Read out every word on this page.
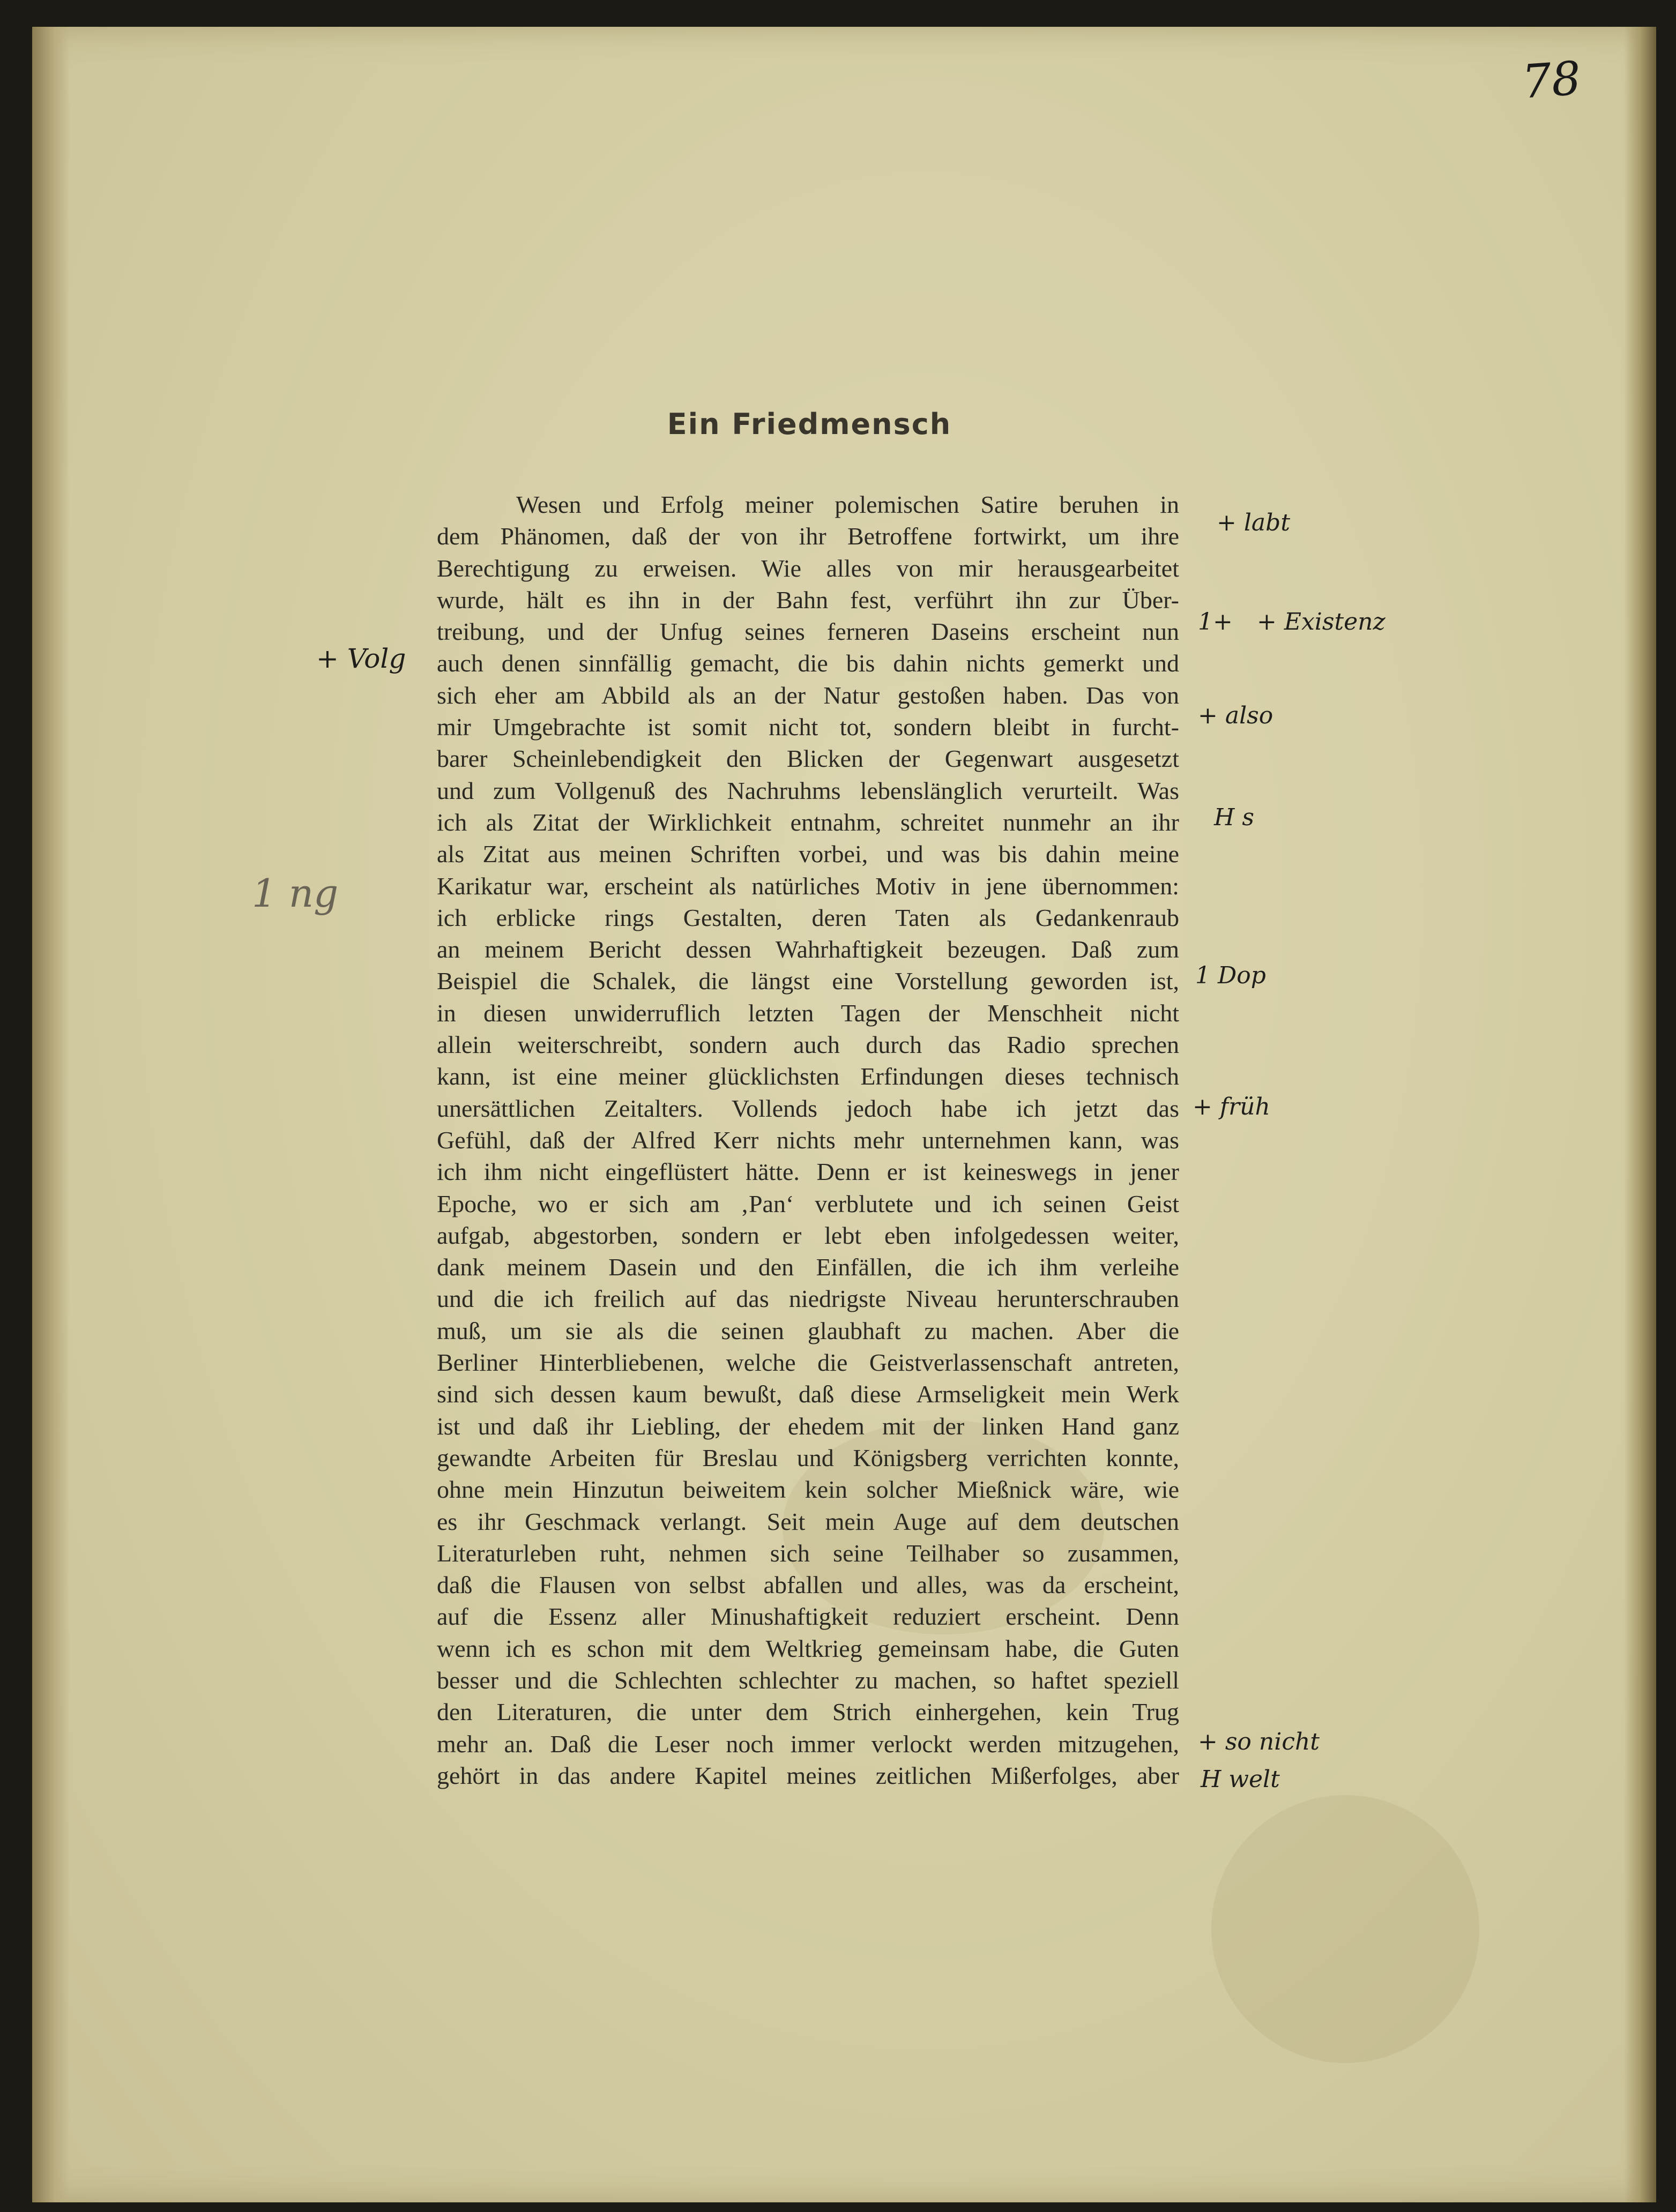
78
Ein Friedmensch
Wesen und Erfolg meiner polemischen Satire beruhen in
dem Phänomen, daß der von ihr Betroffene fortwirkt, um ihre
Berechtigung zu erweisen. Wie alles von mir herausgearbeitet
wurde, hält es ihn in der Bahn fest, verführt ihn zur Über-
treibung, und der Unfug seines ferneren Daseins erscheint nun
auch denen sinnfällig gemacht, die bis dahin nichts gemerkt und
sich eher am Abbild als an der Natur gestoßen haben. Das von
mir Umgebrachte ist somit nicht tot, sondern bleibt in furcht-
barer Scheinlebendigkeit den Blicken der Gegenwart ausgesetzt
und zum Vollgenuß des Nachruhms lebenslänglich verurteilt. Was
ich als Zitat der Wirklichkeit entnahm, schreitet nunmehr an ihr
als Zitat aus meinen Schriften vorbei, und was bis dahin meine
Karikatur war, erscheint als natürliches Motiv in jene übernommen:
ich erblicke rings Gestalten, deren Taten als Gedankenraub
an meinem Bericht dessen Wahrhaftigkeit bezeugen. Daß zum
Beispiel die Schalek, die längst eine Vorstellung geworden ist,
in diesen unwiderruflich letzten Tagen der Menschheit nicht
allein weiterschreibt, sondern auch durch das Radio sprechen
kann, ist eine meiner glücklichsten Erfindungen dieses technisch
unersättlichen Zeitalters. Vollends jedoch habe ich jetzt das
Gefühl, daß der Alfred Kerr nichts mehr unternehmen kann, was
ich ihm nicht eingeflüstert hätte. Denn er ist keineswegs in jener
Epoche, wo er sich am ‚Pan‘ verblutete und ich seinen Geist
aufgab, abgestorben, sondern er lebt eben infolgedessen weiter,
dank meinem Dasein und den Einfällen, die ich ihm verleihe
und die ich freilich auf das niedrigste Niveau herunterschrauben
muß, um sie als die seinen glaubhaft zu machen. Aber die
Berliner Hinterbliebenen, welche die Geistverlassenschaft antreten,
sind sich dessen kaum bewußt, daß diese Armseligkeit mein Werk
ist und daß ihr Liebling, der ehedem mit der linken Hand ganz
gewandte Arbeiten für Breslau und Königsberg verrichten konnte,
ohne mein Hinzutun beiweitem kein solcher Mießnick wäre, wie
es ihr Geschmack verlangt. Seit mein Auge auf dem deutschen
Literaturleben ruht, nehmen sich seine Teilhaber so zusammen,
daß die Flausen von selbst abfallen und alles, was da erscheint,
auf die Essenz aller Minushaftigkeit reduziert erscheint. Denn
wenn ich es schon mit dem Weltkrieg gemeinsam habe, die Guten
besser und die Schlechten schlechter zu machen, so haftet speziell
den Literaturen, die unter dem Strich einhergehen, kein Trug
mehr an. Daß die Leser noch immer verlockt werden mitzugehen,
gehört in das andere Kapitel meines zeitlichen Mißerfolges, aber
+ labt
1+ + Existenz
+ also
H s
1 Dop
+ früh
+ so nicht
H welt
+ Volg
1 ng
